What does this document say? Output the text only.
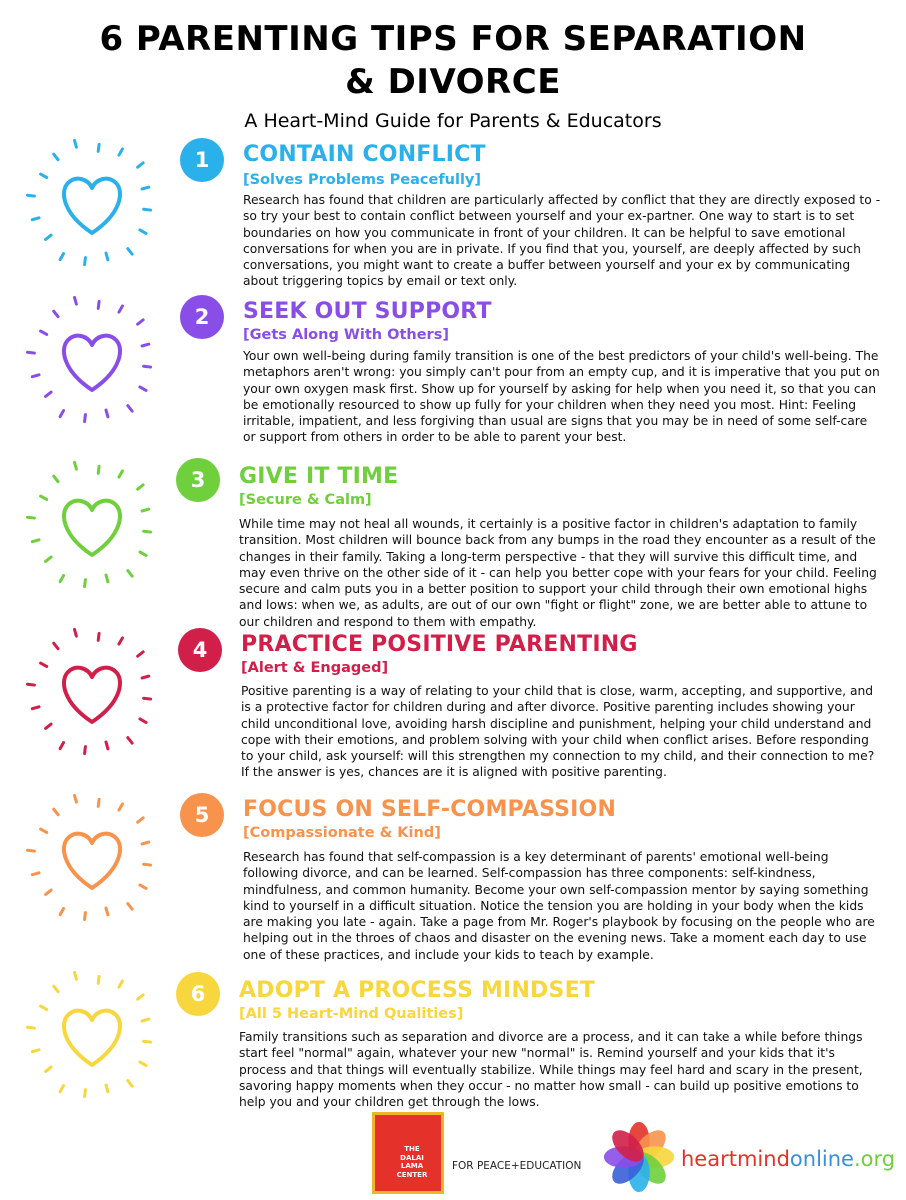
6 PARENTING TIPS FOR SEPARATION
& DIVORCE
A Heart-Mind Guide for Parents & Educators
1	CONTAIN CONFLICT
[Solves Problems Peacefully]
Research has found that children are particularly affected by conflict that they are directly exposed to - so try your best to contain conflict between yourself and your ex-partner. One way to start is to set boundaries on how you communicate in front of your children. It can be helpful to save emotional conversations for when you are in private. If you find that you, yourself, are deeply affected by such conversations, you might want to create a buffer between yourself and your ex by communicating about triggering topics by email or text only.
2	SEEK OUT SUPPORT
[Gets Along With Others]
Your own well-being during family transition is one of the best predictors of your child's well-being. The metaphors aren't wrong: you simply can't pour from an empty cup, and it is imperative that you put on your own oxygen mask first. Show up for yourself by asking for help when you need it, so that you can be emotionally resourced to show up fully for your children when they need you most. Hint: Feeling irritable, impatient, and less forgiving than usual are signs that you may be in need of some self-care or support from others in order to be able to parent your best.
3	GIVE IT TIME
[Secure & Calm]
While time may not heal all wounds, it certainly is a positive factor in children's adaptation to family transition. Most children will bounce back from any bumps in the road they encounter as a result of the changes in their family. Taking a long-term perspective - that they will survive this difficult time, and may even thrive on the other side of it - can help you better cope with your fears for your child. Feeling secure and calm puts you in a better position to support your child through their own emotional highs and lows: when we, as adults, are out of our own "fight or flight" zone, we are better able to attune to our children and respond to them with empathy.
4	PRACTICE POSITIVE PARENTING
[Alert & Engaged]
Positive parenting is a way of relating to your child that is close, warm, accepting, and supportive, and is a protective factor for children during and after divorce. Positive parenting includes showing your child unconditional love, avoiding harsh discipline and punishment, helping your child understand and cope with their emotions, and problem solving with your child when conflict arises. Before responding to your child, ask yourself: will this strengthen my connection to my child, and their connection to me? If the answer is yes, chances are it is aligned with positive parenting.
5	FOCUS ON SELF-COMPASSION
[Compassionate & Kind]
Research has found that self-compassion is a key determinant of parents' emotional well-being following divorce, and can be learned. Self-compassion has three components: self-kindness, mindfulness, and common humanity. Become your own self-compassion mentor by saying something kind to yourself in a difficult situation. Notice the tension you are holding in your body when the kids are making you late - again. Take a page from Mr. Roger's playbook by focusing on the people who are helping out in the throes of chaos and disaster on the evening news. Take a moment each day to use one of these practices, and include your kids to teach by example.
6	ADOPT A PROCESS MINDSET
[All 5 Heart-Mind Qualities]
Family transitions such as separation and divorce are a process, and it can take a while before things start feel "normal" again, whatever your new "normal" is. Remind yourself and your kids that it's process and that things will eventually stabilize. While things may feel hard and scary in the present, savoring happy moments when they occur - no matter how small - can build up positive emotions to help you and your children get through the lows.
THE DALAI LAMA CENTER
FOR PEACE+EDUCATION	heartmindonline.org
